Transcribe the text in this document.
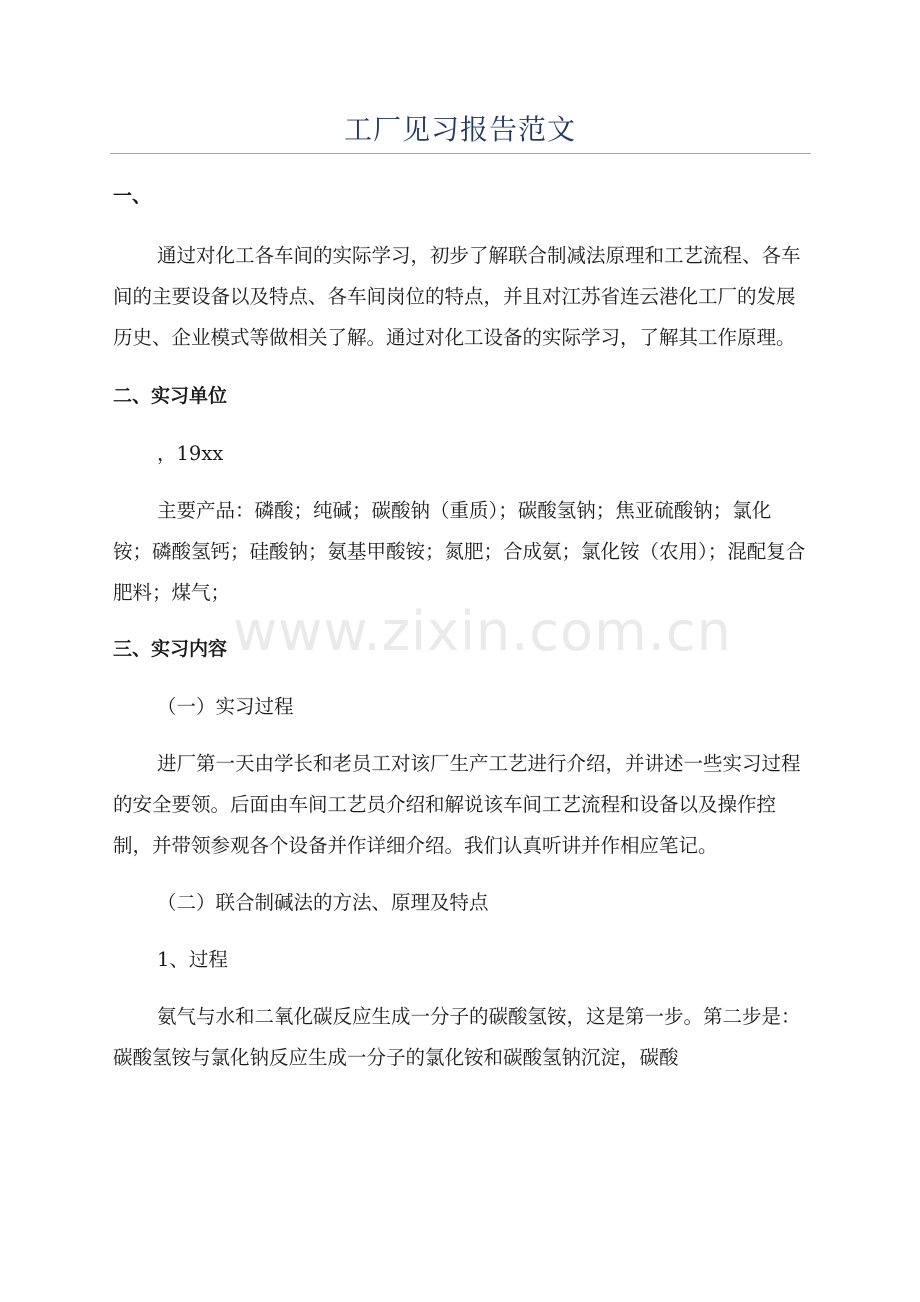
工厂见习报告范文
www.zixin.com.cn

一、

通过对化工各车间的实际学习，初步了解联合制减法原理和工艺流程、各车间的主要设备以及特点、各车间岗位的特点，并且对江苏省连云港化工厂的发展历史、企业模式等做相关了解。通过对化工设备的实际学习，了解其工作原理。

二、实习单位

，19xx

主要产品：磷酸；纯碱；碳酸钠（重质）；碳酸氢钠；焦亚硫酸钠；氯化铵；磷酸氢钙；硅酸钠；氨基甲酸铵；氮肥；合成氨；氯化铵（农用）；混配复合肥料；煤气；

三、实习内容

（一）实习过程

进厂第一天由学长和老员工对该厂生产工艺进行介绍，并讲述一些实习过程的安全要领。后面由车间工艺员介绍和解说该车间工艺流程和设备以及操作控制，并带领参观各个设备并作详细介绍。我们认真听讲并作相应笔记。

（二）联合制碱法的方法、原理及特点

1、过程

氨气与水和二氧化碳反应生成一分子的碳酸氢铵，这是第一步。第二步是：碳酸氢铵与氯化钠反应生成一分子的氯化铵和碳酸氢钠沉淀，碳酸
